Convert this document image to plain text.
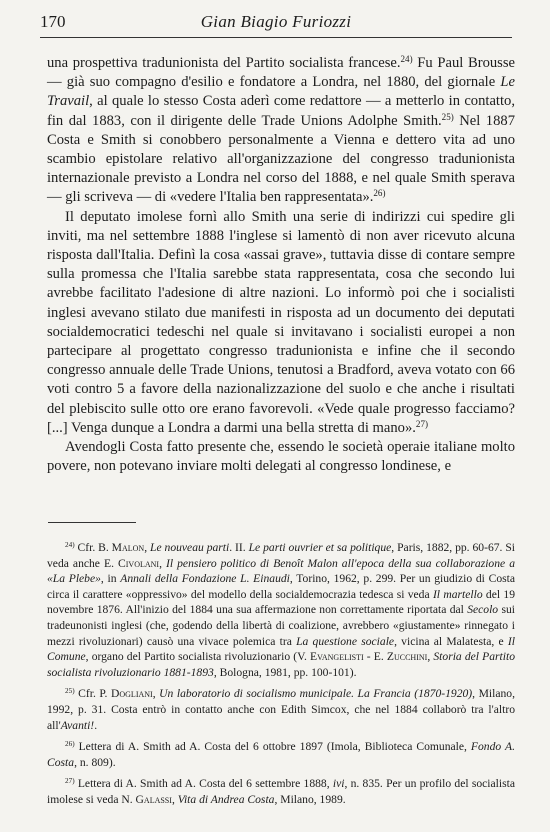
170	Gian Biagio Furiozzi

una prospettiva tradunionista del Partito socialista francese.$^{24)}$ Fu Paul Brousse — già suo compagno d'esilio e fondatore a Londra, nel 1880, del giornale Le Travail, al quale lo stesso Costa aderì come redattore — a metterlo in contatto, fin dal 1883, con il dirigente delle Trade Unions Adolphe Smith.$^{25)}$ Nel 1887 Costa e Smith si conobbero personalmente a Vienna e dettero vita ad uno scambio epistolare relativo all'organizzazione del congresso tradunionista internazionale previsto a Londra nel corso del 1888, e nel quale Smith sperava — gli scriveva — di «vedere l'Italia ben rappresentata».$^{26)}$

Il deputato imolese fornì allo Smith una serie di indirizzi cui spedire gli inviti, ma nel settembre 1888 l'inglese si lamentò di non aver ricevuto alcuna risposta dall'Italia. Definì la cosa «assai grave», tuttavia disse di contare sempre sulla promessa che l'Italia sarebbe stata rappresentata, cosa che secondo lui avrebbe facilitato l'adesione di altre nazioni. Lo informò poi che i socialisti inglesi avevano stilato due manifesti in risposta ad un documento dei deputati socialdemocratici tedeschi nel quale si invitavano i socialisti europei a non partecipare al progettato congresso tradunionista e infine che il secondo congresso annuale delle Trade Unions, tenutosi a Bradford, aveva votato con 66 voti contro 5 a favore della nazionalizzazione del suolo e che anche i risultati del plebiscito sulle otto ore erano favorevoli. «Vede quale progresso facciamo? [...] Venga dunque a Londra a darmi una bella stretta di mano».$^{27)}$

Avendogli Costa fatto presente che, essendo le società operaie italiane molto povere, non potevano inviare molti delegati al congresso londinese, e

$^{24)}$ Cfr. B. Malon, Le nouveau parti. II. Le parti ouvrier et sa politique, Paris, 1882, pp. 60-67. Si veda anche E. Civolani, Il pensiero politico di Benoît Malon all'epoca della sua collaborazione a «La Plebe», in Annali della Fondazione L. Einaudi, Torino, 1962, p. 299. Per un giudizio di Costa circa il carattere «oppressivo» del modello della socialdemocrazia tedesca si veda Il martello del 19 novembre 1876. All'inizio del 1884 una sua affermazione non correttamente riportata dal Secolo sui tradeunonisti inglesi (che, godendo della libertà di coalizione, avrebbero «giustamente» rinnegato i mezzi rivoluzionari) causò una vivace polemica tra La questione sociale, vicina al Malatesta, e Il Comune, organo del Partito socialista rivoluzionario (V. Evangelisti - E. Zucchini, Storia del Partito socialista rivoluzionario 1881-1893, Bologna, 1981, pp. 100-101).

$^{25)}$ Cfr. P. Dogliani, Un laboratorio di socialismo municipale. La Francia (1870-1920), Milano, 1992, p. 31. Costa entrò in contatto anche con Edith Simcox, che nel 1884 collaborò tra l'altro all'Avanti!.

$^{26)}$ Lettera di A. Smith ad A. Costa del 6 ottobre 1897 (Imola, Biblioteca Comunale, Fondo A. Costa, n. 809).

$^{27)}$ Lettera di A. Smith ad A. Costa del 6 settembre 1888, ivi, n. 835. Per un profilo del socialista imolese si veda N. Galassi, Vita di Andrea Costa, Milano, 1989.
